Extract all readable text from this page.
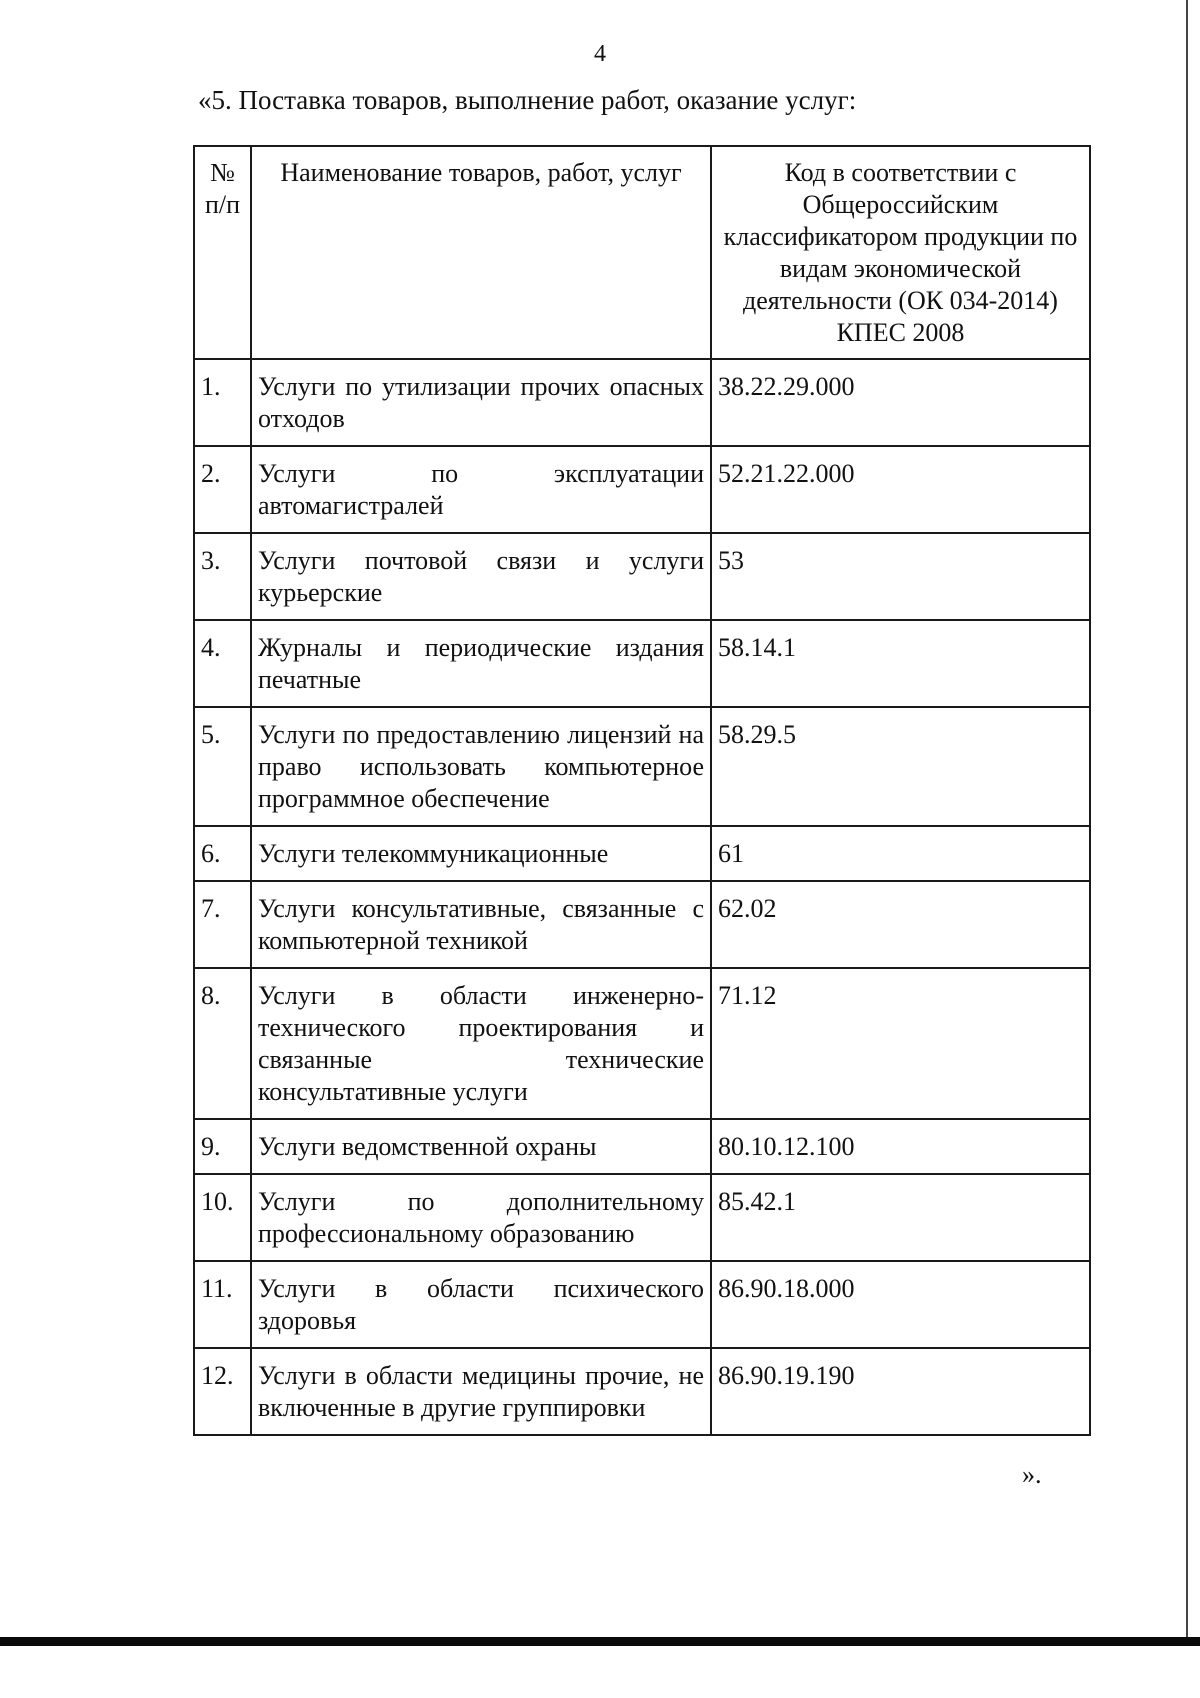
4
«5. Поставка товаров, выполнение работ, оказание услуг:
№ п/п	Наименование товаров, работ, услуг	Код в соответствии с Общероссийским классификатором продукции по видам экономической деятельности (ОК 034-2014) КПЕС 2008
1.	Услуги по утилизации прочих опасных отходов	38.22.29.000
2.	Услуги по эксплуатации автомагистралей	52.21.22.000
3.	Услуги почтовой связи и услуги курьерские	53
4.	Журналы и периодические издания печатные	58.14.1
5.	Услуги по предоставлению лицензий на право использовать компьютерное программное обеспечение	58.29.5
6.	Услуги телекоммуникационные	61
7.	Услуги консультативные, связанные с компьютерной техникой	62.02
8.	Услуги в области инженерно-технического проектирования и связанные технические консультативные услуги	71.12
9.	Услуги ведомственной охраны	80.10.12.100
10.	Услуги по дополнительному профессиональному образованию	85.42.1
11.	Услуги в области психического здоровья	86.90.18.000
12.	Услуги в области медицины прочие, не включенные в другие группировки	86.90.19.190
».
